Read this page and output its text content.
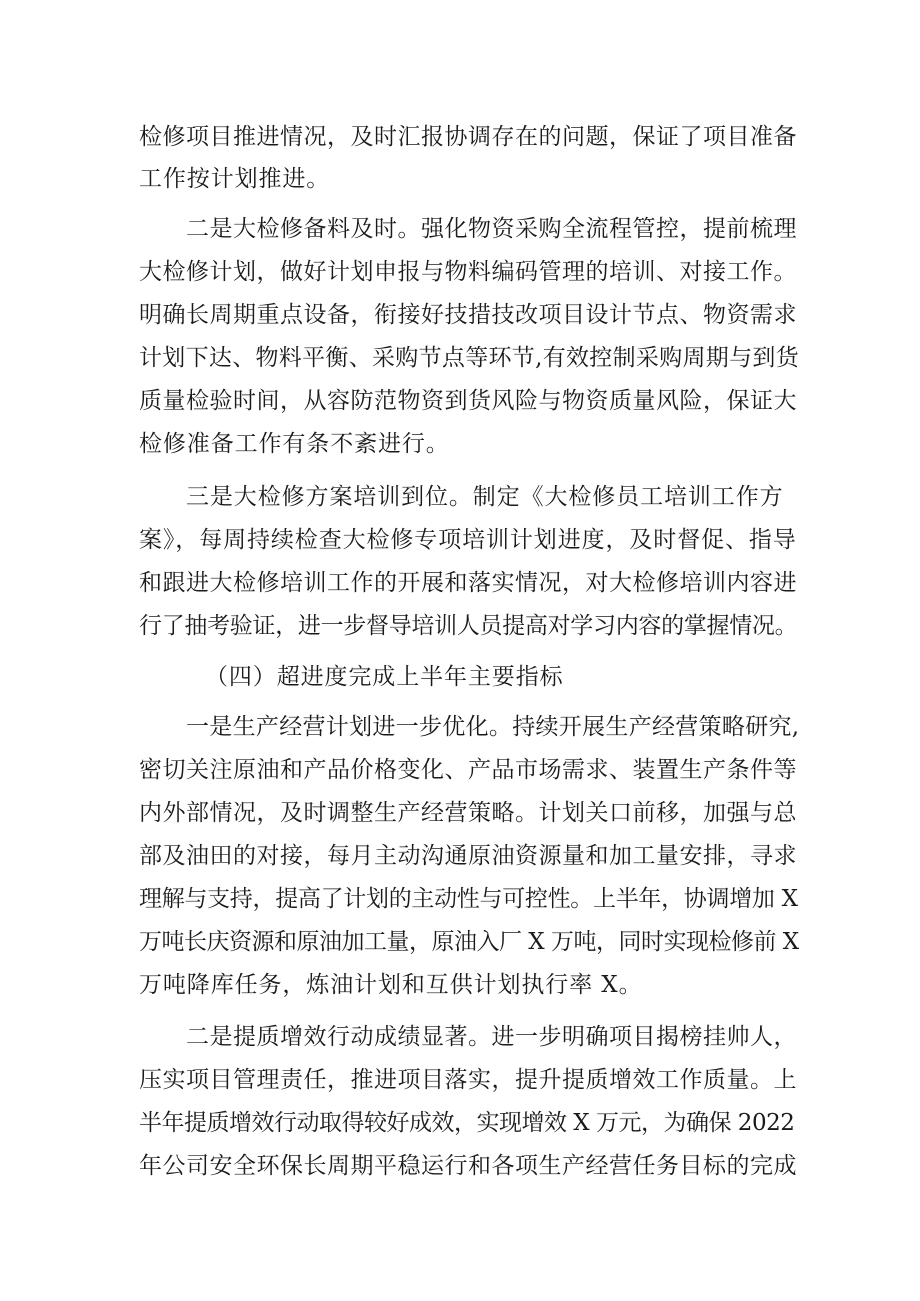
检修项目推进情况，及时汇报协调存在的问题，保证了项目准备
工作按计划推进。
二是大检修备料及时。强化物资采购全流程管控，提前梳理
大检修计划，做好计划申报与物料编码管理的培训、对接工作。
明确长周期重点设备，衔接好技措技改项目设计节点、物资需求
计划下达、物料平衡、采购节点等环节,有效控制采购周期与到货
质量检验时间，从容防范物资到货风险与物资质量风险，保证大
检修准备工作有条不紊进行。
三是大检修方案培训到位。制定《大检修员工培训工作方
案》，每周持续检查大检修专项培训计划进度，及时督促、指导
和跟进大检修培训工作的开展和落实情况，对大检修培训内容进
行了抽考验证，进一步督导培训人员提高对学习内容的掌握情况。
（四）超进度完成上半年主要指标
一是生产经营计划进一步优化。持续开展生产经营策略研究,
密切关注原油和产品价格变化、产品市场需求、装置生产条件等
内外部情况，及时调整生产经营策略。计划关口前移，加强与总
部及油田的对接，每月主动沟通原油资源量和加工量安排，寻求
理解与支持，提高了计划的主动性与可控性。上半年，协调增加 X
万吨长庆资源和原油加工量，原油入厂 X 万吨，同时实现检修前 X
万吨降库任务，炼油计划和互供计划执行率 X。
二是提质增效行动成绩显著。进一步明确项目揭榜挂帅人，
压实项目管理责任，推进项目落实，提升提质增效工作质量。上
半年提质增效行动取得较好成效，实现增效 X 万元，为确保 2022
年公司安全环保长周期平稳运行和各项生产经营任务目标的完成
